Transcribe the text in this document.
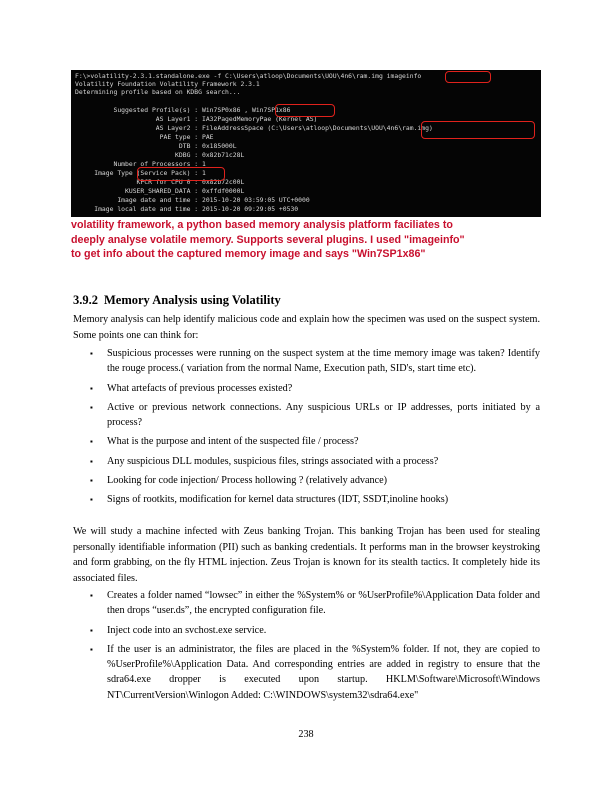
F:\>volatility-2.3.1.standalone.exe -f C:\Users\atloop\Documents\UOU\4n6\ram.img imageinfo
Volatility Foundation Volatility Framework 2.3.1
Determining profile based on KDBG search...
Suggested Profile(s) : Win7SP0x86 , Win7SP1x86
AS Layer1 : IA32PagedMemoryPae (Kernel AS)
AS Layer2 : FileAddressSpace (C:\Users\atloop\Documents\UOU\4n6\ram.img)
PAE type : PAE
DTB : 0x185000L
KDBG : 0x82b71c28L
Number of Processors : 1
Image Type (Service Pack) : 1
KPCR for CPU 0 : 0x82b72c00L
KUSER_SHARED_DATA : 0xffdf0000L
Image date and time : 2015-10-20 03:59:05 UTC+0000
Image local date and time : 2015-10-20 09:29:05 +0530
volatility framework, a python based memory analysis platform faciliates to
deeply analyse volatile memory. Supports several plugins. I used "imageinfo"
to get info about the captured memory image and says "Win7SP1x86"
3.9.2 Memory Analysis using Volatility

Memory analysis can help identify malicious code and explain how the specimen was used on the suspect system. Some points one can think for:

▪ Suspicious processes were running on the suspect system at the time memory image was taken? Identify the rouge process.( variation from the normal Name, Execution path, SID's, start time etc).
▪ What artefacts of previous processes existed?
▪ Active or previous network connections. Any suspicious URLs or IP addresses, ports initiated by a process?
▪ What is the purpose and intent of the suspected file / process?
▪ Any suspicious DLL modules, suspicious files, strings associated with a process?
▪ Looking for code injection/ Process hollowing ? (relatively advance)
▪ Signs of rootkits, modification for kernel data structures (IDT, SSDT,inoline hooks)

We will study a machine infected with Zeus banking Trojan. This banking Trojan has been used for stealing personally identifiable information (PII) such as banking credentials. It performs man in the browser keystroking and form grabbing, on the fly HTML injection. Zeus Trojan is known for its stealth tactics. It completely hide its associated files.

▪ Creates a folder named “lowsec” in either the %System% or %UserProfile%\Application Data folder and then drops “user.ds”, the encrypted configuration file.
▪ Inject code into an svchost.exe service.
▪ If the user is an administrator, the files are placed in the %System% folder. If not, they are copied to %UserProfile%\Application Data. And corresponding entries are added in registry to ensure that the sdra64.exe dropper is executed upon startup. HKLM\Software\Microsoft\Windows NT\CurrentVersion\Winlogon Added: C:\WINDOWS\system32\sdra64.exe"
238
